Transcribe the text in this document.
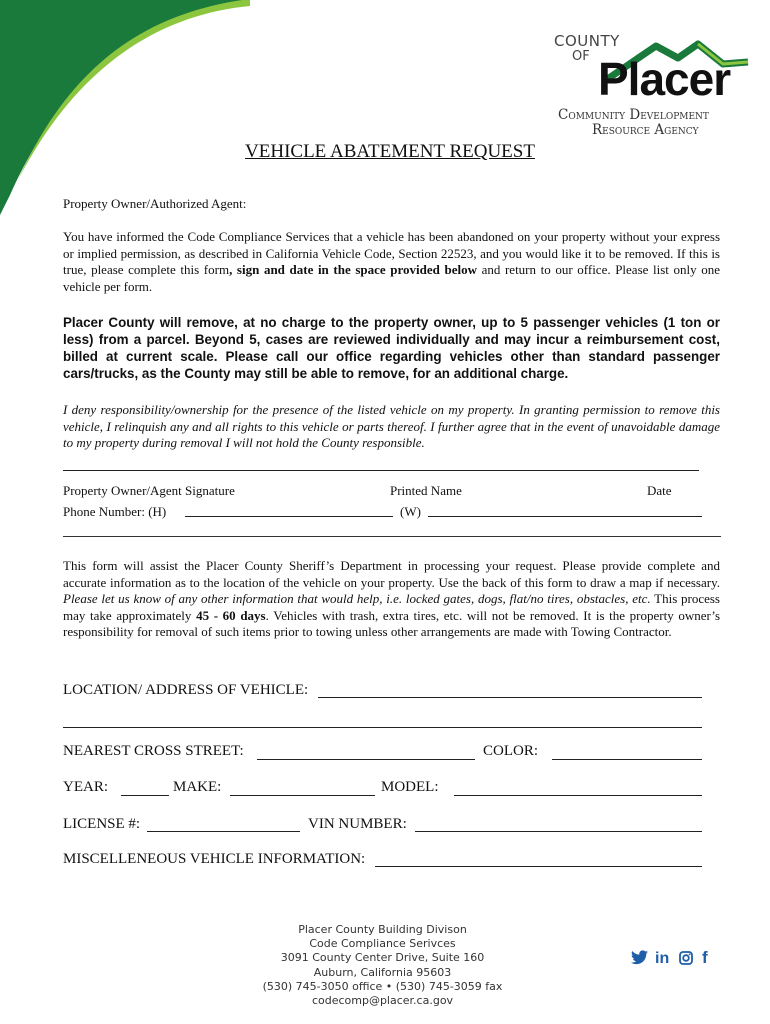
COUNTY
OF Placer
Community Development
Resource Agency
VEHICLE ABATEMENT REQUEST
Property Owner/Authorized Agent:
You have informed the Code Compliance Services that a vehicle has been abandoned on your property without your express or implied permission, as described in California Vehicle Code, Section 22523, and you would like it to be removed. If this is true, please complete this form, sign and date in the space provided below and return to our office. Please list only one vehicle per form.
Placer County will remove, at no charge to the property owner, up to 5 passenger vehicles (1 ton or less) from a parcel. Beyond 5, cases are reviewed individually and may incur a reimbursement cost, billed at current scale. Please call our office regarding vehicles other than standard passenger cars/trucks, as the County may still be able to remove, for an additional charge.
I deny responsibility/ownership for the presence of the listed vehicle on my property. In granting permission to remove this vehicle, I relinquish any and all rights to this vehicle or parts thereof. I further agree that in the event of unavoidable damage to my property during removal I will not hold the County responsible.
Property Owner/Agent Signature	Printed Name	Date
Phone Number: (H)	(W)
This form will assist the Placer County Sheriff’s Department in processing your request. Please provide complete and accurate information as to the location of the vehicle on your property. Use the back of this form to draw a map if necessary. Please let us know of any other information that would help, i.e. locked gates, dogs, flat/no tires, obstacles, etc. This process may take approximately 45 - 60 days. Vehicles with trash, extra tires, etc. will not be removed. It is the property owner’s responsibility for removal of such items prior to towing unless other arrangements are made with Towing Contractor.
LOCATION/ ADDRESS OF VEHICLE:
NEAREST CROSS STREET:	COLOR:
YEAR:	MAKE:	MODEL:
LICENSE #:	VIN NUMBER:
MISCELLENEOUS VEHICLE INFORMATION:
Placer County Building Divison
Code Compliance Serivces
3091 County Center Drive, Suite 160
Auburn, California 95603
(530) 745-3050 office • (530) 745-3059 fax
codecomp@placer.ca.gov
in f
